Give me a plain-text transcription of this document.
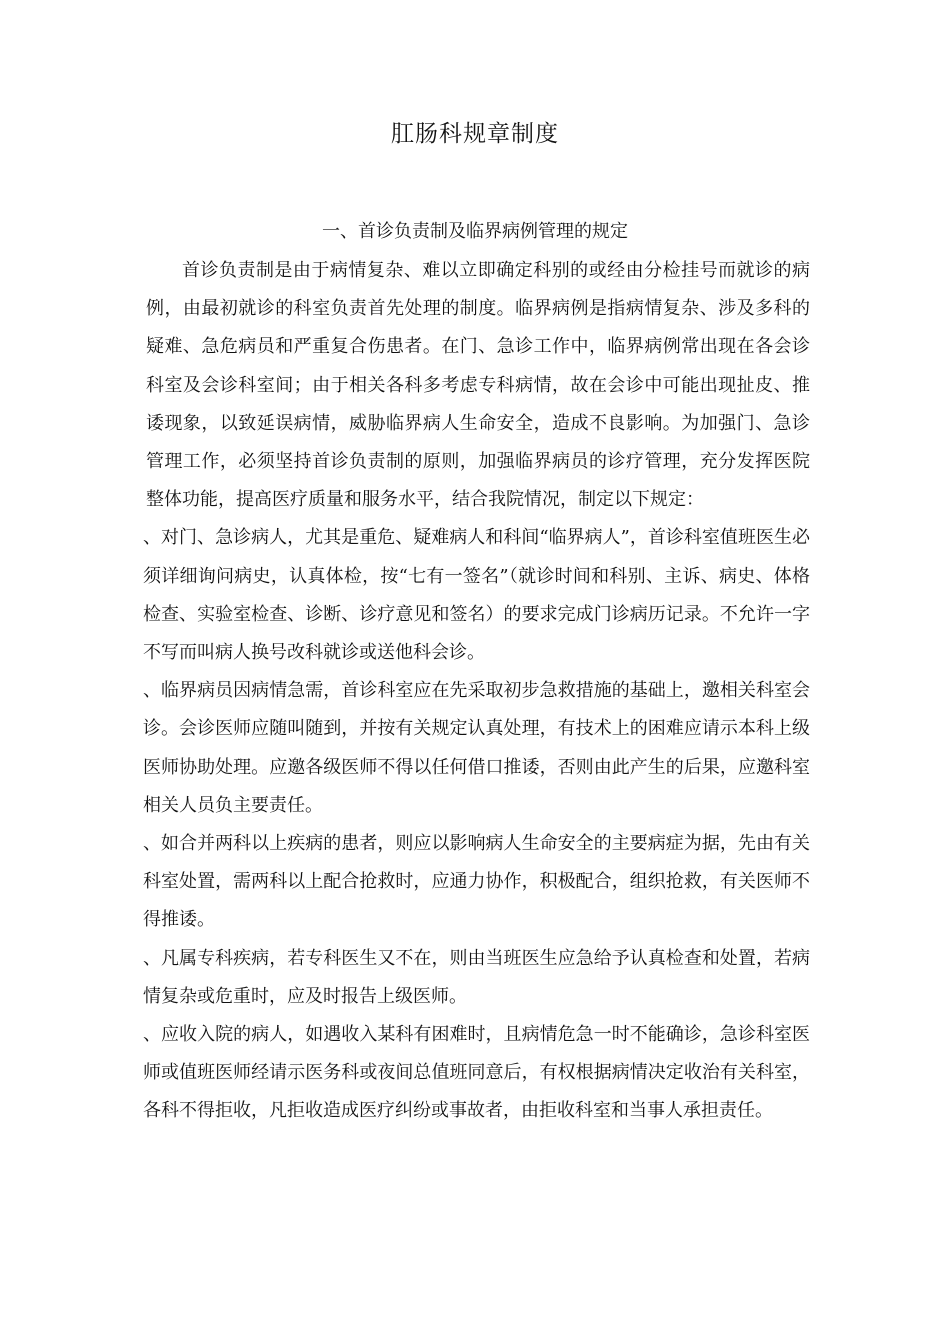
肛肠科规章制度
一、首诊负责制及临界病例管理的规定

首诊负责制是由于病情复杂、难以立即确定科别的或经由分检挂号而就诊的病例，由最初就诊的科室负责首先处理的制度。临界病例是指病情复杂、涉及多科的疑难、急危病员和严重复合伤患者。在门、急诊工作中，临界病例常出现在各会诊科室及会诊科室间；由于相关各科多考虑专科病情，故在会诊中可能出现扯皮、推诿现象，以致延误病情，威胁临界病人生命安全，造成不良影响。为加强门、急诊管理工作，必须坚持首诊负责制的原则，加强临界病员的诊疗管理，充分发挥医院整体功能，提高医疗质量和服务水平，结合我院情况，制定以下规定：

、对门、急诊病人，尤其是重危、疑难病人和科间“临界病人”，首诊科室值班医生必须详细询问病史，认真体检，按“七有一签名”（就诊时间和科别、主诉、病史、体格检查、实验室检查、诊断、诊疗意见和签名）的要求完成门诊病历记录。不允许一字不写而叫病人换号改科就诊或送他科会诊。

、临界病员因病情急需，首诊科室应在先采取初步急救措施的基础上，邀相关科室会诊。会诊医师应随叫随到，并按有关规定认真处理，有技术上的困难应请示本科上级医师协助处理。应邀各级医师不得以任何借口推诿，否则由此产生的后果，应邀科室相关人员负主要责任。

、如合并两科以上疾病的患者，则应以影响病人生命安全的主要病症为据，先由有关科室处置，需两科以上配合抢救时，应通力协作，积极配合，组织抢救，有关医师不得推诿。

、凡属专科疾病，若专科医生又不在，则由当班医生应急给予认真检查和处置，若病情复杂或危重时，应及时报告上级医师。

、应收入院的病人，如遇收入某科有困难时，且病情危急一时不能确诊，急诊科室医师或值班医师经请示医务科或夜间总值班同意后，有权根据病情决定收治有关科室，各科不得拒收，凡拒收造成医疗纠纷或事故者，由拒收科室和当事人承担责任。
